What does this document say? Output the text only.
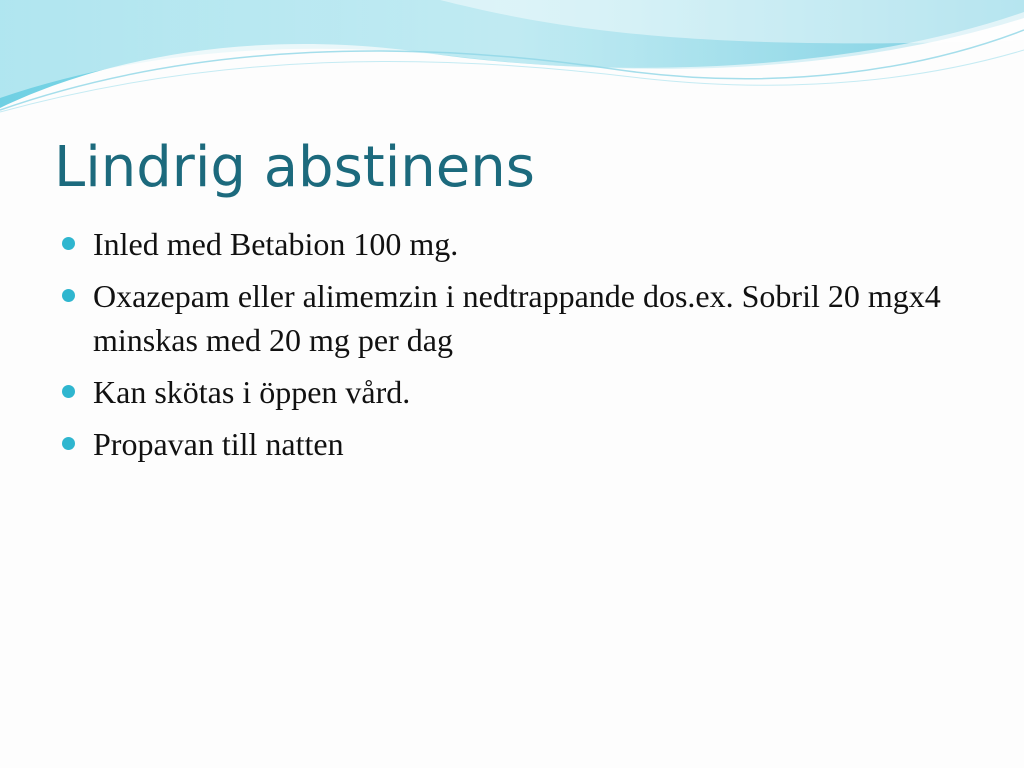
Lindrig abstinens
Inled med Betabion 100 mg.
Oxazepam eller alimemzin i nedtrappande dos.ex. Sobril 20 mgx4 minskas med 20 mg per dag
Kan skötas i öppen vård.
Propavan till natten
